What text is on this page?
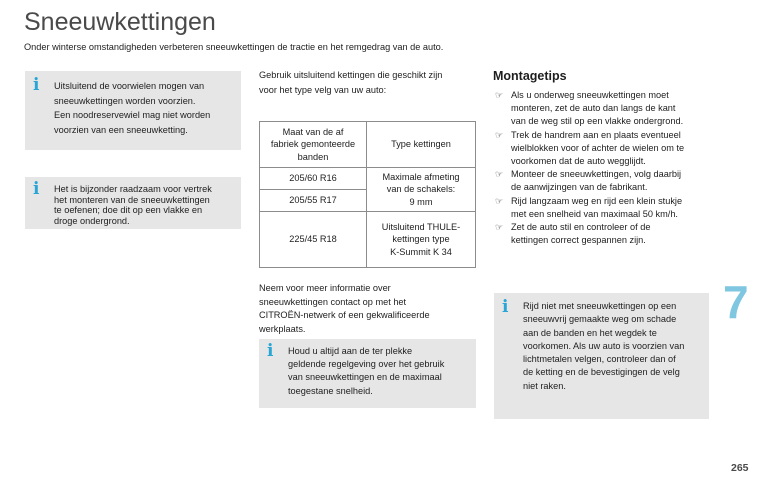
Sneeuwkettingen
Onder winterse omstandigheden verbeteren sneeuwkettingen de tractie en het remgedrag van de auto.
i Uitsluitend de voorwielen mogen van
sneeuwkettingen worden voorzien.
Een noodreservewiel mag niet worden
voorzien van een sneeuwketting.
i Het is bijzonder raadzaam voor vertrek
het monteren van de sneeuwkettingen
te oefenen; doe dit op een vlakke en
droge ondergrond.
Gebruik uitsluitend kettingen die geschikt zijn
voor het type velg van uw auto:
Maat van de af
fabriek gemonteerde
banden	Type kettingen
205/60 R16	Maximale afmeting
van de schakels:
9 mm

205/55 R17	
225/45 R18	Uitsluitend THULE-
kettingen type
K-Summit K 34
Neem voor meer informatie over
sneeuwkettingen contact op met het
CITROËN-netwerk of een gekwalificeerde
werkplaats.
i Houd u altijd aan de ter plekke
geldende regelgeving over het gebruik
van sneeuwkettingen en de maximaal
toegestane snelheid.
Montagetips
☞ Als u onderweg sneeuwkettingen moet
monteren, zet de auto dan langs de kant
van de weg stil op een vlakke ondergrond.
☞ Trek de handrem aan en plaats eventueel
wielblokken voor of achter de wielen om te
voorkomen dat de auto wegglijdt.
☞ Monteer de sneeuwkettingen, volg daarbij
de aanwijzingen van de fabrikant.
☞ Rijd langzaam weg en rijd een klein stukje
met een snelheid van maximaal 50 km/h.
☞ Zet de auto stil en controleer of de
kettingen correct gespannen zijn.
i Rijd niet met sneeuwkettingen op een
sneeuwvrij gemaakte weg om schade
aan de banden en het wegdek te
voorkomen. Als uw auto is voorzien van
lichtmetalen velgen, controleer dan of
de ketting en de bevestigingen de velg
niet raken.
7
265
